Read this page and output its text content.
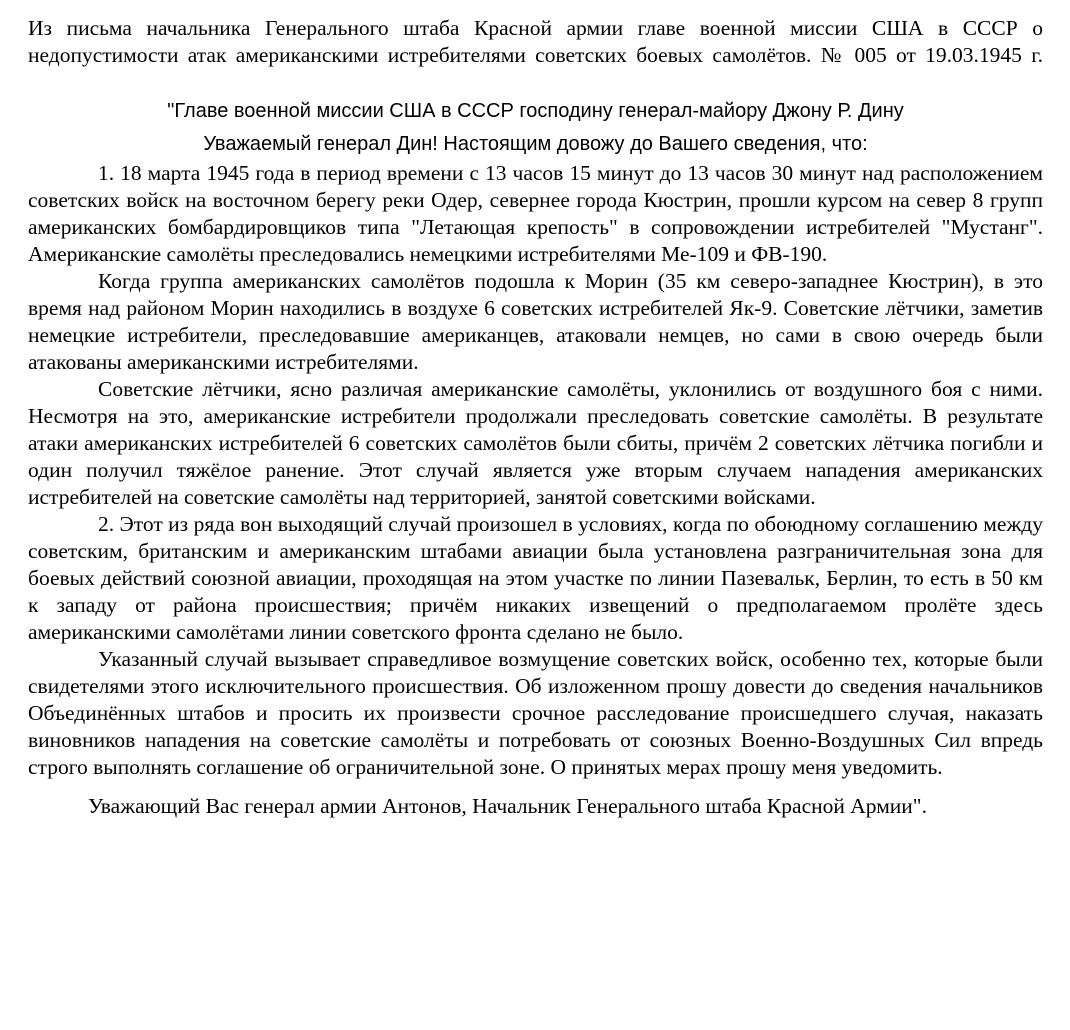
Из письма начальника Генерального штаба Красной армии главе военной миссии США в СССР о
недопустимости атак американскими истребителями советских боевых самолётов. № 005 от 19.03.1945 г.
"Главе военной миссии США в СССР господину генерал-майору Джону Р. Дину
Уважаемый генерал Дин! Настоящим довожу до Вашего сведения, что:

1. 18 марта 1945 года в период времени с 13 часов 15 минут до 13 часов 30 минут над расположением советских войск на восточном берегу реки Одер, севернее города Кюстрин, прошли курсом на север 8 групп американских бомбардировщиков типа "Летающая крепость" в сопровождении истребителей "Мустанг". Американские самолёты преследовались немецкими истребителями Ме-109 и ФВ-190.

Когда группа американских самолётов подошла к Морин (35 км северо-западнее Кюстрин), в это время над районом Морин находились в воздухе 6 советских истребителей Як-9. Советские лётчики, заметив немецкие истребители, преследовавшие американцев, атаковали немцев, но сами в свою очередь были атакованы американскими истребителями.

Советские лётчики, ясно различая американские самолёты, уклонились от воздушного боя с ними. Несмотря на это, американские истребители продолжали преследовать советские самолёты. В результате атаки американских истребителей 6 советских самолётов были сбиты, причём 2 советских лётчика погибли и один получил тяжёлое ранение. Этот случай является уже вторым случаем нападения американских истребителей на советские самолёты над территорией, занятой советскими войсками.

2. Этот из ряда вон выходящий случай произошел в условиях, когда по обоюдному соглашению между советским, британским и американским штабами авиации была установлена разграничительная зона для боевых действий союзной авиации, проходящая на этом участке по линии Пазевальк, Берлин, то есть в 50 км к западу от района происшествия; причём никаких извещений о предполагаемом пролёте здесь американскими самолётами линии советского фронта сделано не было.

Указанный случай вызывает справедливое возмущение советских войск, особенно тех, которые были свидетелями этого исключительного происшествия. Об изложенном прошу довести до сведения начальников Объединённых штабов и просить их произвести срочное расследование происшедшего случая, наказать виновников нападения на советские самолёты и потребовать от союзных Военно-Воздушных Сил впредь строго выполнять соглашение об ограничительной зоне. О принятых мерах прошу меня уведомить.

Уважающий Вас генерал армии Антонов, Начальник Генерального штаба Красной Армии".
